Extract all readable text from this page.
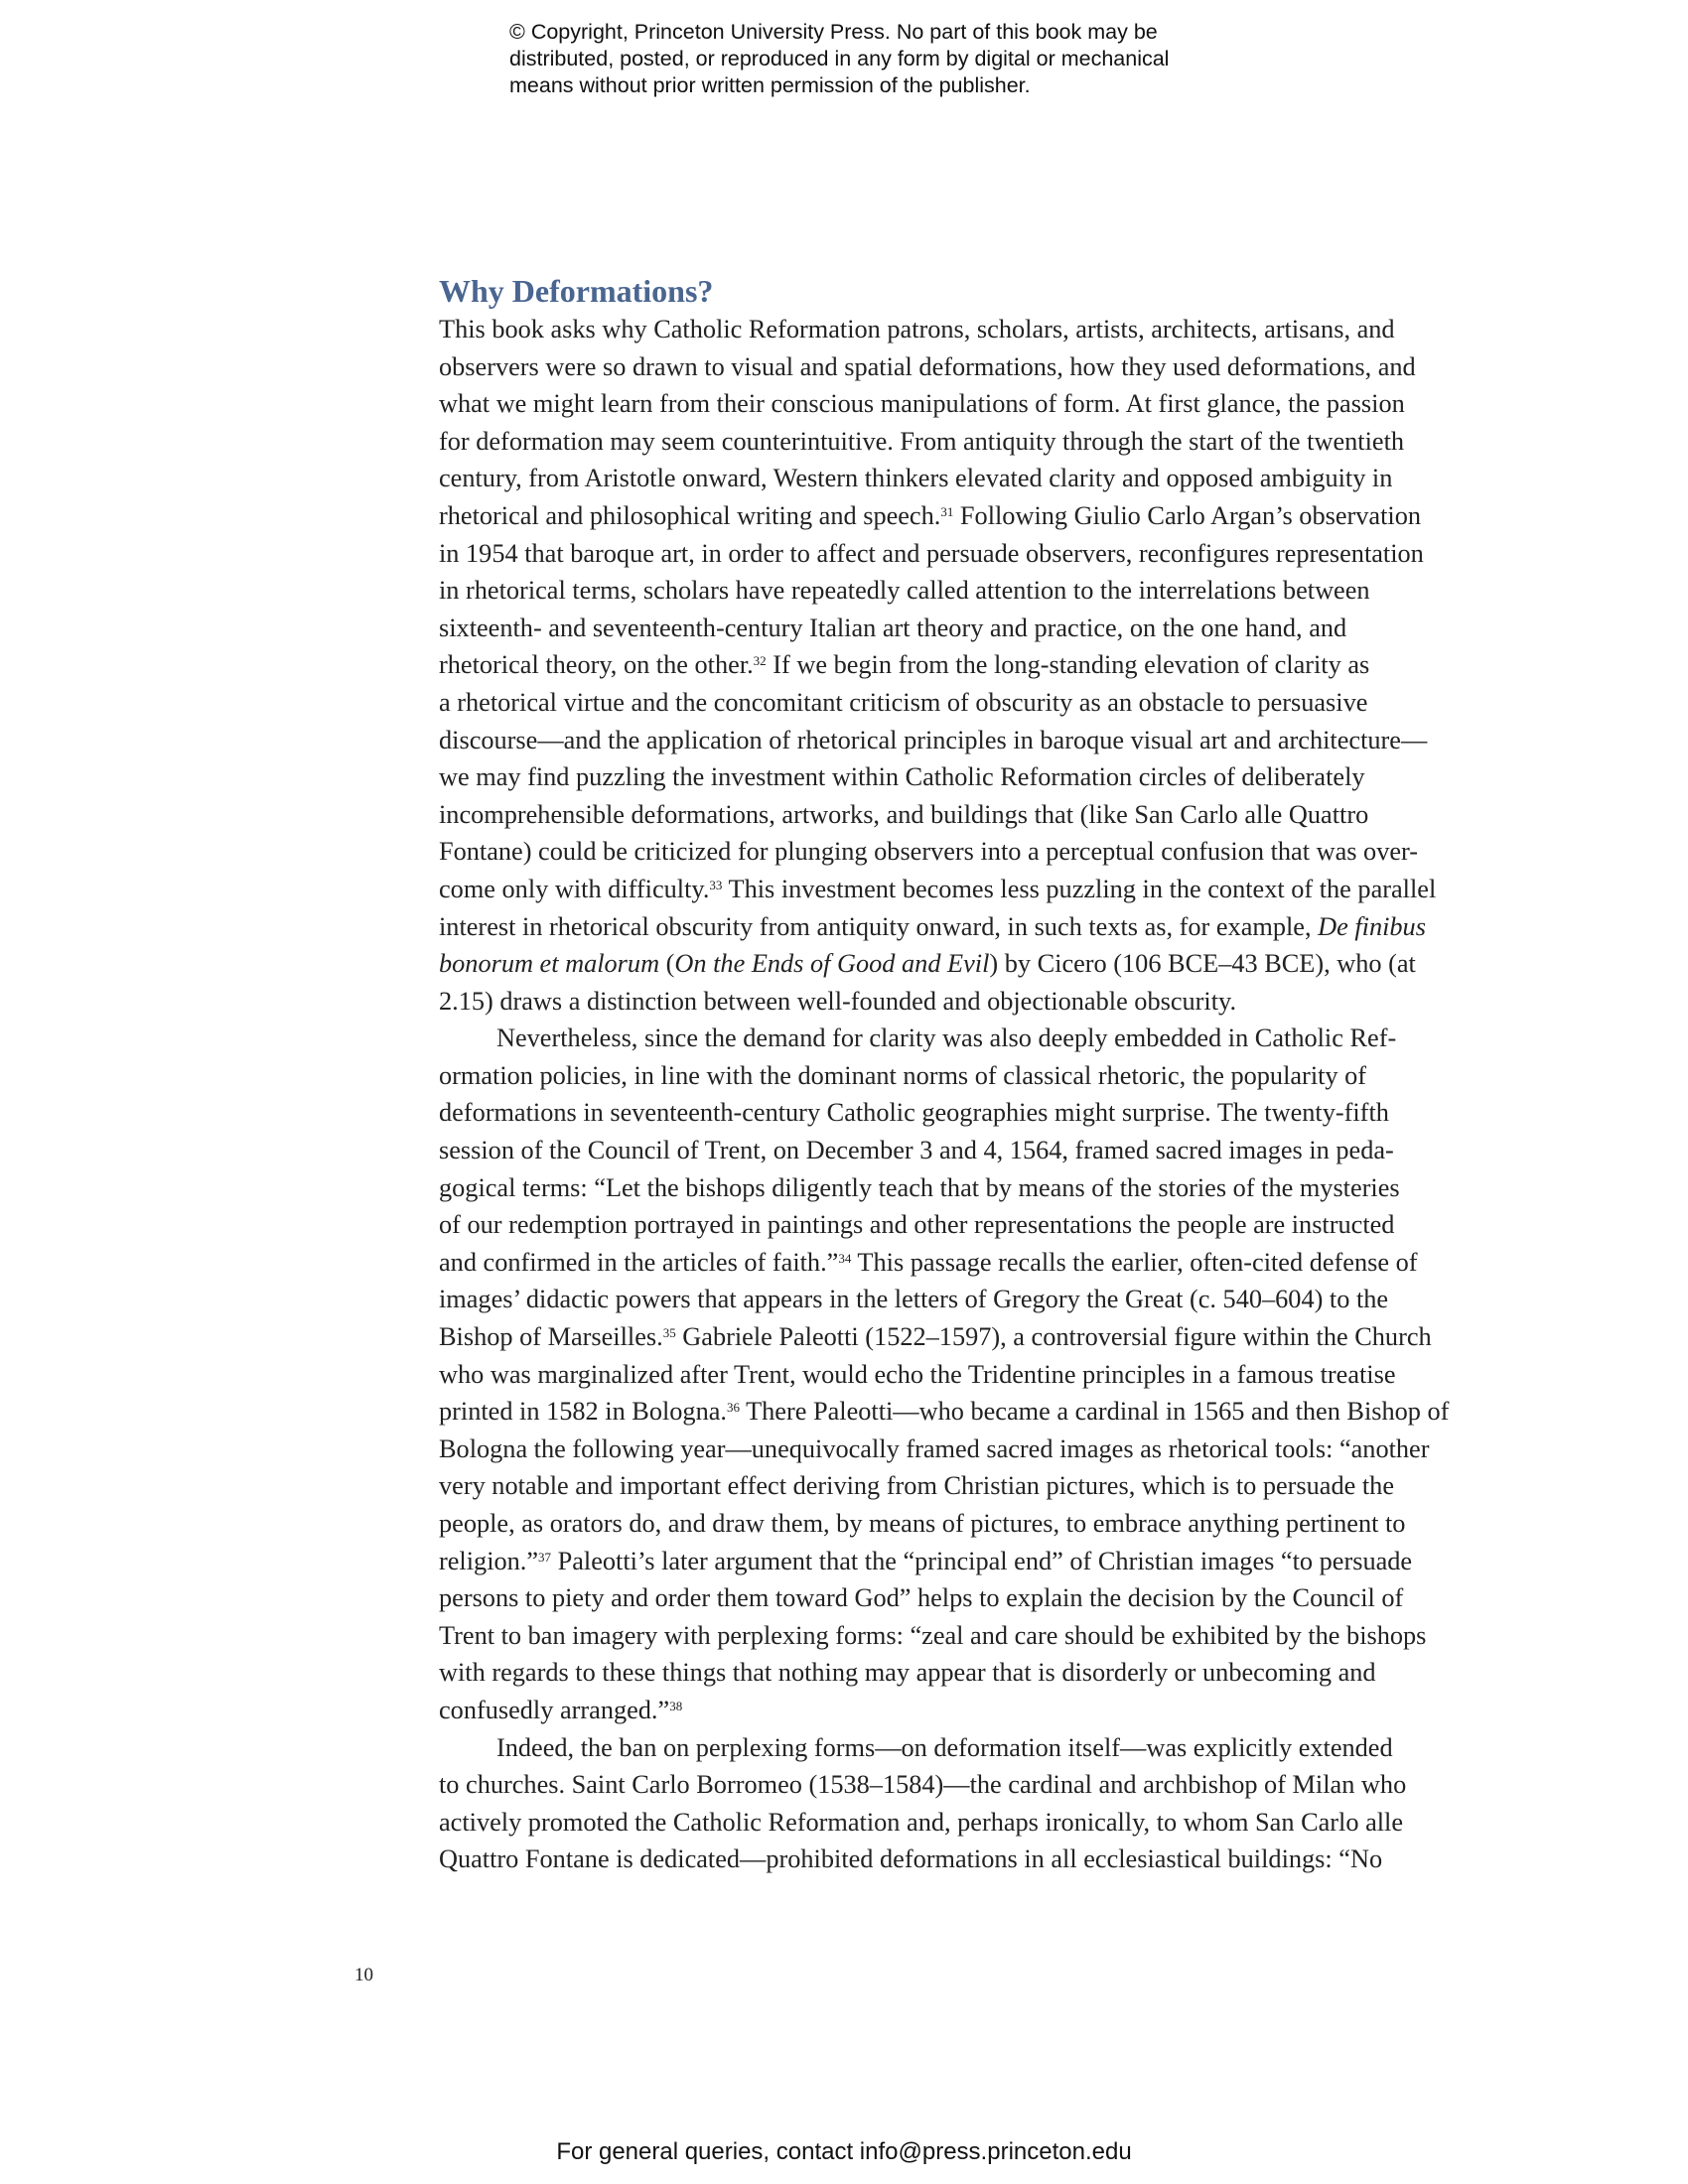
© Copyright, Princeton University Press. No part of this book may be
distributed, posted, or reproduced in any form by digital or mechanical
means without prior written permission of the publisher.
Why Deformations?
This book asks why Catholic Reformation patrons, scholars, artists, architects, artisans, and
observers were so drawn to visual and spatial deformations, how they used deformations, and
what we might learn from their conscious manipulations of form. At first glance, the passion
for deformation may seem counterintuitive. From antiquity through the start of the twentieth
century, from Aristotle onward, Western thinkers elevated clarity and opposed ambiguity in
rhetorical and philosophical writing and speech.$^{31}$ Following Giulio Carlo Argan’s observation
in 1954 that baroque art, in order to affect and persuade observers, reconfigures representation
in rhetorical terms, scholars have repeatedly called attention to the interrelations between
sixteenth- and seventeenth-century Italian art theory and practice, on the one hand, and
rhetorical theory, on the other.$^{32}$ If we begin from the long-standing elevation of clarity as
a rhetorical virtue and the concomitant criticism of obscurity as an obstacle to persuasive
discourse—and the application of rhetorical principles in baroque visual art and architecture—
we may find puzzling the investment within Catholic Reformation circles of deliberately
incomprehensible deformations, artworks, and buildings that (like San Carlo alle Quattro
Fontane) could be criticized for plunging observers into a perceptual confusion that was over-
come only with difficulty.$^{33}$ This investment becomes less puzzling in the context of the parallel
interest in rhetorical obscurity from antiquity onward, in such texts as, for example, De finibus
bonorum et malorum (On the Ends of Good and Evil) by Cicero (106 BCE–43 BCE), who (at
2.15) draws a distinction between well-founded and objectionable obscurity.
Nevertheless, since the demand for clarity was also deeply embedded in Catholic Ref-
ormation policies, in line with the dominant norms of classical rhetoric, the popularity of
deformations in seventeenth-century Catholic geographies might surprise. The twenty-fifth
session of the Council of Trent, on December 3 and 4, 1564, framed sacred images in peda-
gogical terms: “Let the bishops diligently teach that by means of the stories of the mysteries
of our redemption portrayed in paintings and other representations the people are instructed
and confirmed in the articles of faith.”$^{34}$ This passage recalls the earlier, often-cited defense of
images’ didactic powers that appears in the letters of Gregory the Great (c. 540–604) to the
Bishop of Marseilles.$^{35}$ Gabriele Paleotti (1522–1597), a controversial figure within the Church
who was marginalized after Trent, would echo the Tridentine principles in a famous treatise
printed in 1582 in Bologna.$^{36}$ There Paleotti—who became a cardinal in 1565 and then Bishop of
Bologna the following year—unequivocally framed sacred images as rhetorical tools: “another
very notable and important effect deriving from Christian pictures, which is to persuade the
people, as orators do, and draw them, by means of pictures, to embrace anything pertinent to
religion.”$^{37}$ Paleotti’s later argument that the “principal end” of Christian images “to persuade
persons to piety and order them toward God” helps to explain the decision by the Council of
Trent to ban imagery with perplexing forms: “zeal and care should be exhibited by the bishops
with regards to these things that nothing may appear that is disorderly or unbecoming and
confusedly arranged.”$^{38}$
Indeed, the ban on perplexing forms—on deformation itself—was explicitly extended
to churches. Saint Carlo Borromeo (1538–1584)—the cardinal and archbishop of Milan who
actively promoted the Catholic Reformation and, perhaps ironically, to whom San Carlo alle
Quattro Fontane is dedicated—prohibited deformations in all ecclesiastical buildings: “No
10
For general queries, contact info@press.princeton.edu
